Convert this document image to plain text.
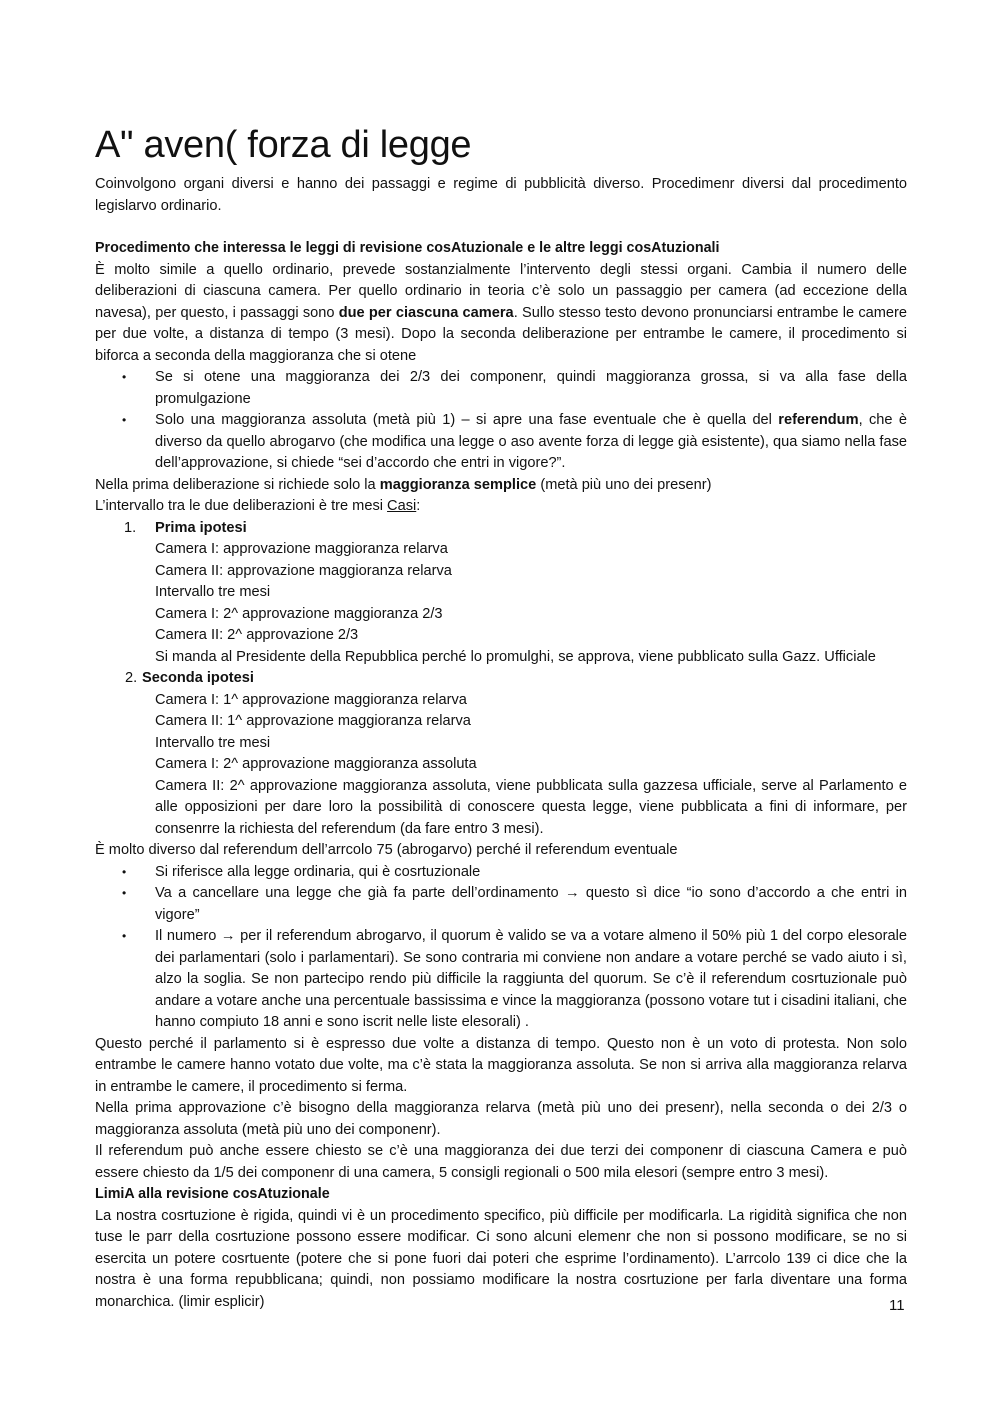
A" aven( forza di legge

Coinvolgono organi diversi e hanno dei passaggi e regime di pubblicità diverso. Procedimenr diversi dal procedimento legislarvo ordinario.

Procedimento che interessa le leggi di revisione cosAtuzionale e le altre leggi cosAtuzionali

È molto simile a quello ordinario, prevede sostanzialmente l’intervento degli stessi organi. Cambia il numero delle deliberazioni di ciascuna camera. Per quello ordinario in teoria c’è solo un passaggio per camera (ad eccezione della navesa), per questo, i passaggi sono due per ciascuna camera. Sullo stesso testo devono pronunciarsi entrambe le camere per due volte, a distanza di tempo (3 mesi). Dopo la seconda deliberazione per entrambe le camere, il procedimento si biforca a seconda della maggioranza che si otene

• Se si otene una maggioranza dei 2/3 dei componenr, quindi maggioranza grossa, si va alla fase della promulgazione
• Solo una maggioranza assoluta (metà più 1) – si apre una fase eventuale che è quella del referendum, che è diverso da quello abrogarvo (che modifica una legge o aso avente forza di legge già esistente), qua siamo nella fase dell’approvazione, si chiede “sei d’accordo che entri in vigore?”.

Nella prima deliberazione si richiede solo la maggioranza semplice (metà più uno dei presenr)

L’intervallo tra le due deliberazioni è tre mesi Casi:

1. Prima ipotesi
Camera I: approvazione maggioranza relarva
Camera II: approvazione maggioranza relarva
Intervallo tre mesi
Camera I: 2^ approvazione maggioranza 2/3
Camera II: 2^ approvazione 2/3
Si manda al Presidente della Repubblica perché lo promulghi, se approva, viene pubblicato sulla Gazz. Ufficiale
2. Seconda ipotesi
Camera I: 1^ approvazione maggioranza relarva
Camera II: 1^ approvazione maggioranza relarva
Intervallo tre mesi
Camera I: 2^ approvazione maggioranza assoluta
Camera II: 2^ approvazione maggioranza assoluta, viene pubblicata sulla gazzesa ufficiale, serve al Parlamento e alle opposizioni per dare loro la possibilità di conoscere questa legge, viene pubblicata a fini di informare, per consenrre la richiesta del referendum (da fare entro 3 mesi).

È molto diverso dal referendum dell’arrcolo 75 (abrogarvo) perché il referendum eventuale

• Si riferisce alla legge ordinaria, qui è cosrtuzionale
• Va a cancellare una legge che già fa parte dell’ordinamento → questo sì dice “io sono d’accordo a che entri in vigore”
• Il numero → per il referendum abrogarvo, il quorum è valido se va a votare almeno il 50% più 1 del corpo elesorale dei parlamentari (solo i parlamentari). Se sono contraria mi conviene non andare a votare perché se vado aiuto i sì, alzo la soglia. Se non partecipo rendo più difficile la raggiunta del quorum. Se c’è il referendum cosrtuzionale può andare a votare anche una percentuale bassissima e vince la maggioranza (possono votare tut i cisadini italiani, che hanno compiuto 18 anni e sono iscrit nelle liste elesorali) .

Questo perché il parlamento si è espresso due volte a distanza di tempo. Questo non è un voto di protesta. Non solo entrambe le camere hanno votato due volte, ma c’è stata la maggioranza assoluta. Se non si arriva alla maggioranza relarva in entrambe le camere, il procedimento si ferma.

Nella prima approvazione c’è bisogno della maggioranza relarva (metà più uno dei presenr), nella seconda o dei 2/3 o maggioranza assoluta (metà più uno dei componenr).

Il referendum può anche essere chiesto se c’è una maggioranza dei due terzi dei componenr di ciascuna Camera e può essere chiesto da 1/5 dei componenr di una camera, 5 consigli regionali o 500 mila elesori (sempre entro 3 mesi).

LimiA alla revisione cosAtuzionale

La nostra cosrtuzione è rigida, quindi vi è un procedimento specifico, più difficile per modificarla. La rigidità significa che non tuse le parr della cosrtuzione possono essere modificar. Ci sono alcuni elemenr che non si possono modificare, se no si esercita un potere cosrtuente (potere che si pone fuori dai poteri che esprime l’ordinamento). L’arrcolo 139 ci dice che la nostra è una forma repubblicana; quindi, non possiamo modificare la nostra cosrtuzione per farla diventare una forma monarchica. (limir esplicir)	11
